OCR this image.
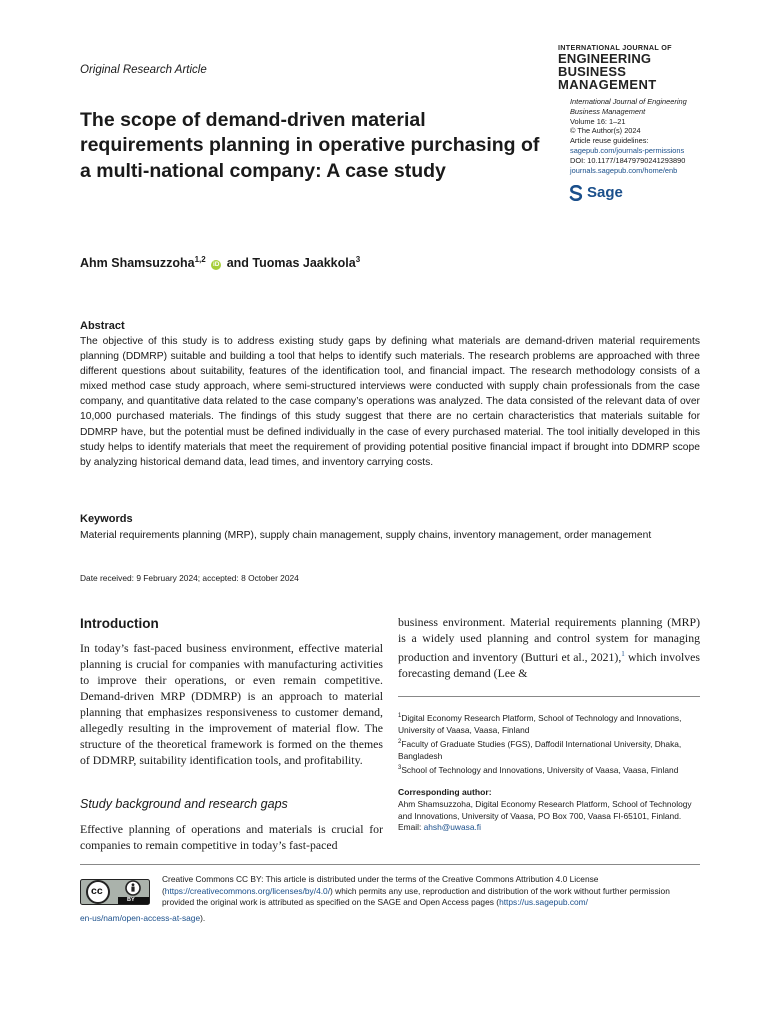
Original Research Article
INTERNATIONAL JOURNAL OF
ENGINEERING BUSINESS
MANAGEMENT
International Journal of Engineering
Business Management
Volume 16: 1–21
© The Author(s) 2024
Article reuse guidelines:
sagepub.com/journals-permissions
DOI: 10.1177/18479790241293890
journals.sagepub.com/home/enb
Sage
The scope of demand-driven material requirements planning in operative purchasing of a multi-national company: A case study
Ahm Shamsuzzoha$^{1,2}$ iD and Tuomas Jaakkola$^3$
Abstract
The objective of this study is to address existing study gaps by defining what materials are demand-driven material requirements planning (DDMRP) suitable and building a tool that helps to identify such materials. The research problems are approached with three different questions about suitability, features of the identification tool, and financial impact. The research methodology consists of a mixed method case study approach, where semi-structured interviews were conducted with supply chain professionals from the case company, and quantitative data related to the case company’s operations was analyzed. The data consisted of the relevant data of over 10,000 purchased materials. The findings of this study suggest that there are no certain characteristics that materials suitable for DDMRP have, but the potential must be defined individually in the case of every purchased material. The tool initially developed in this study helps to identify materials that meet the requirement of providing potential positive financial impact if brought into DDMRP scope by analyzing historical demand data, lead times, and inventory carrying costs.
Keywords
Material requirements planning (MRP), supply chain management, supply chains, inventory management, order management
Date received: 9 February 2024; accepted: 8 October 2024
Introduction
In today’s fast-paced business environment, effective material planning is crucial for companies with manufacturing activities to improve their operations, or even remain competitive. Demand-driven MRP (DDMRP) is an approach to material planning that emphasizes responsiveness to customer demand, allegedly resulting in the improvement of material flow. The structure of the theoretical framework is formed on the themes of DDMRP, suitability identification tools, and profitability.
Study background and research gaps
Effective planning of operations and materials is crucial for companies to remain competitive in today’s fast-paced
business environment. Material requirements planning (MRP) is a widely used planning and control system for managing production and inventory (Butturi et al., 2021),$^1$ which involves forecasting demand (Lee &
$^1$Digital Economy Research Platform, School of Technology and Innovations, University of Vaasa, Vaasa, Finland
$^2$Faculty of Graduate Studies (FGS), Daffodil International University, Dhaka, Bangladesh
$^3$School of Technology and Innovations, University of Vaasa, Vaasa, Finland
Corresponding author:
Ahm Shamsuzzoha, Digital Economy Research Platform, School of Technology and Innovations, University of Vaasa, PO Box 700, Vaasa FI-65101, Finland.
Email: ahsh@uwasa.fi
cc
BY
Creative Commons CC BY: This article is distributed under the terms of the Creative Commons Attribution 4.0 License (https://creativecommons.org/licenses/by/4.0/) which permits any use, reproduction and distribution of the work without further permission provided the original work is attributed as specified on the SAGE and Open Access pages (https://us.sagepub.com/
en-us/nam/open-access-at-sage).
